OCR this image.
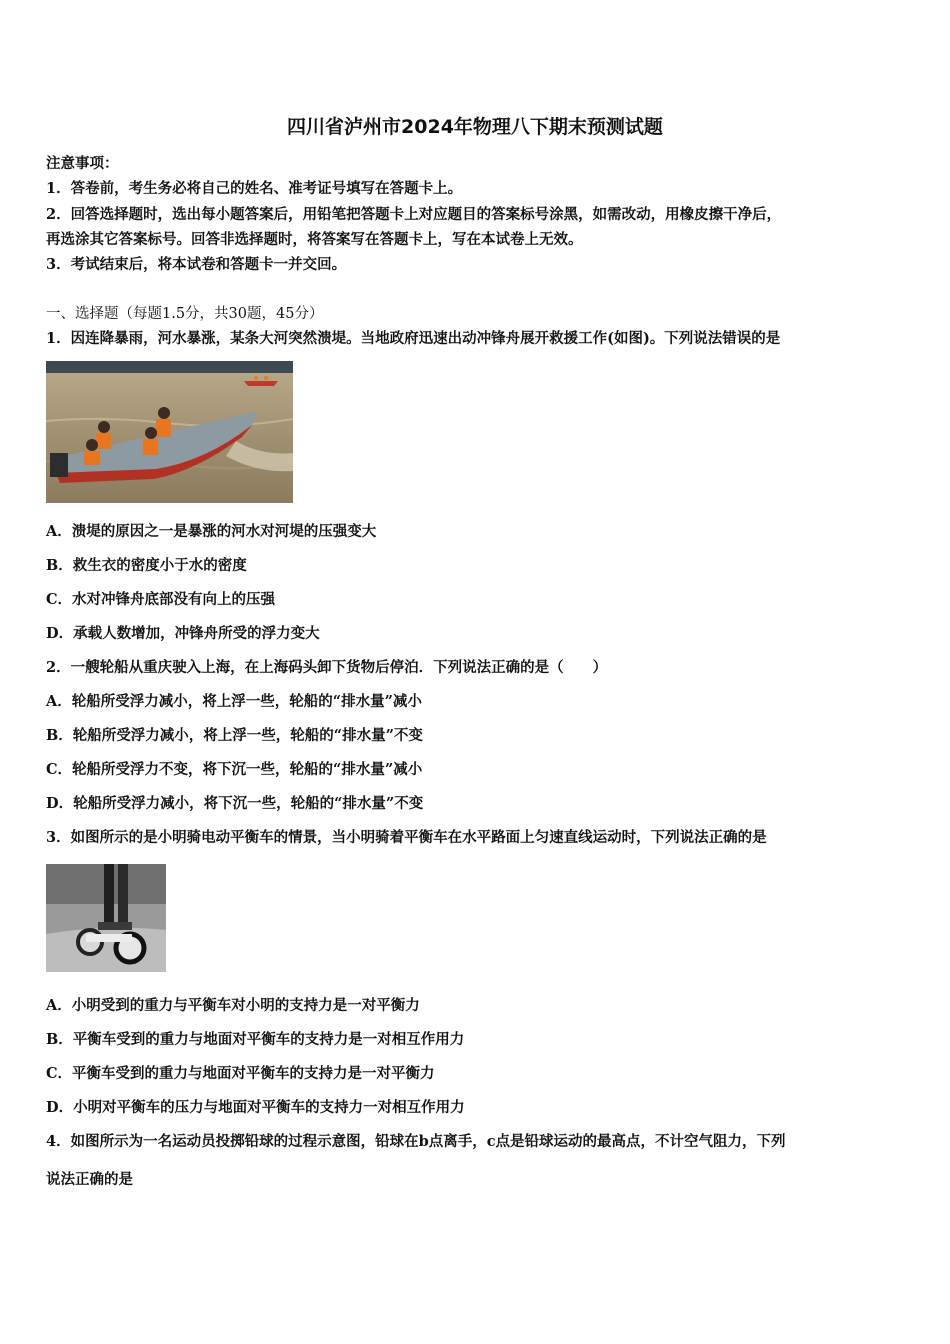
四川省泸州市2024年物理八下期末预测试题
注意事项：
1．答卷前，考生务必将自己的姓名、准考证号填写在答题卡上。
2．回答选择题时，选出每小题答案后，用铅笔把答题卡上对应题目的答案标号涂黑，如需改动，用橡皮擦干净后，
再选涂其它答案标号。回答非选择题时，将答案写在答题卡上，写在本试卷上无效。
3．考试结束后，将本试卷和答题卡一并交回。
一、选择题（每题1.5分，共30题，45分）
1．因连降暴雨，河水暴涨，某条大河突然溃堤。当地政府迅速出动冲锋舟展开救援工作(如图)。下列说法错误的是
A．溃堤的原因之一是暴涨的河水对河堤的压强变大
B．救生衣的密度小于水的密度
C．水对冲锋舟底部没有向上的压强
D．承载人数增加，冲锋舟所受的浮力变大
2．一艘轮船从重庆驶入上海，在上海码头卸下货物后停泊．下列说法正确的是（　　）
A．轮船所受浮力减小，将上浮一些，轮船的“排水量”减小
B．轮船所受浮力减小，将上浮一些，轮船的“排水量”不变
C．轮船所受浮力不变，将下沉一些，轮船的“排水量”减小
D．轮船所受浮力减小，将下沉一些，轮船的“排水量”不变
3．如图所示的是小明骑电动平衡车的情景，当小明骑着平衡车在水平路面上匀速直线运动时，下列说法正确的是
A．小明受到的重力与平衡车对小明的支持力是一对平衡力
B．平衡车受到的重力与地面对平衡车的支持力是一对相互作用力
C．平衡车受到的重力与地面对平衡车的支持力是一对平衡力
D．小明对平衡车的压力与地面对平衡车的支持力一对相互作用力
4．如图所示为一名运动员投掷铅球的过程示意图，铅球在b点离手，c点是铅球运动的最高点，不计空气阻力，下列
说法正确的是
